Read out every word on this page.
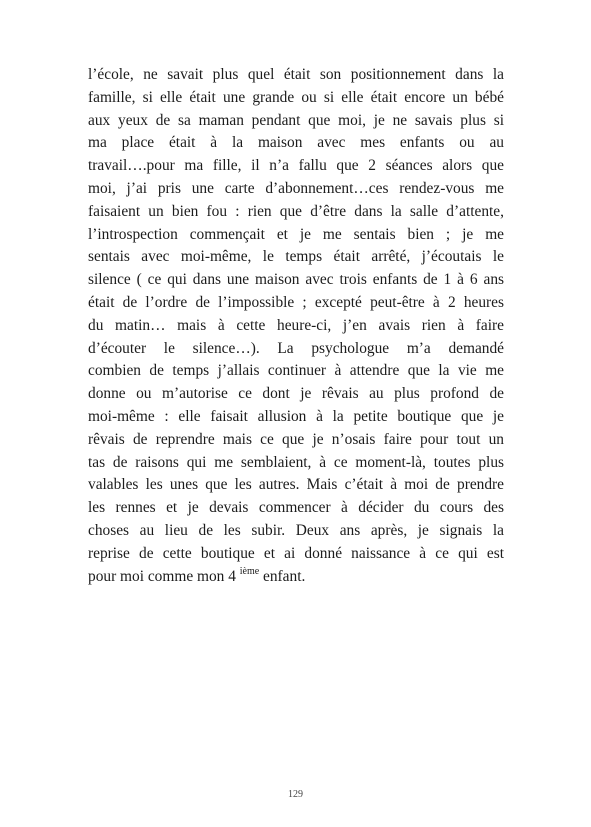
l’école, ne savait plus quel était son positionnement dans la
famille, si elle était une grande ou si elle était encore un bébé
aux yeux de sa maman pendant que moi, je ne savais plus si
ma place était à la maison avec mes enfants ou au
travail….pour ma fille, il n’a fallu que 2 séances alors que
moi, j’ai pris une carte d’abonnement…ces rendez-vous me
faisaient un bien fou : rien que d’être dans la salle d’attente,
l’introspection commençait et je me sentais bien ; je me
sentais avec moi-même, le temps était arrêté, j’écoutais le
silence ( ce qui dans une maison avec trois enfants de 1 à 6 ans
était de l’ordre de l’impossible ; excepté peut-être à 2 heures
du matin… mais à cette heure-ci, j’en avais rien à faire
d’écouter le silence…). La psychologue m’a demandé
combien de temps j’allais continuer à attendre que la vie me
donne ou m’autorise ce dont je rêvais au plus profond de
moi-même : elle faisait allusion à la petite boutique que je
rêvais de reprendre mais ce que je n’osais faire pour tout un
tas de raisons qui me semblaient, à ce moment-là, toutes plus
valables les unes que les autres. Mais c’était à moi de prendre
les rennes et je devais commencer à décider du cours des
choses au lieu de les subir. Deux ans après, je signais la
reprise de cette boutique et ai donné naissance à ce qui est
pour moi comme mon 4 $^{ième}$ enfant.
129
